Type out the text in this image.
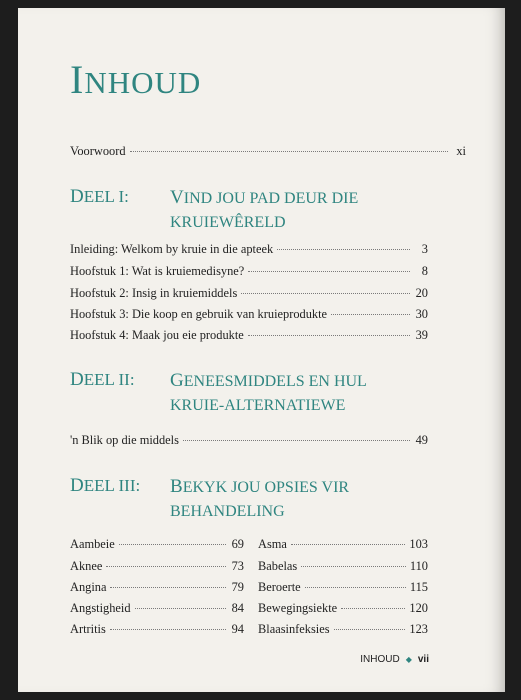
INHOUD
Voorwoord	xi
DEEL I: VIND JOU PAD DEUR DIE
KRUIEWÊRELD
Inleiding: Welkom by kruie in die apteek	3
Hoofstuk 1: Wat is kruiemedisyne?	8
Hoofstuk 2: Insig in kruiemiddels	20
Hoofstuk 3: Die koop en gebruik van kruieprodukte	30
Hoofstuk 4: Maak jou eie produkte	39
DEEL II: GENEESMIDDELS EN HUL
KRUIE-ALTERNATIEWE
'n Blik op die middels	49
DEEL III: BEKYK JOU OPSIES VIR
BEHANDELING
Aambeie	69
Aknee	73
Angina	79
Angstigheid	84
Artritis	94
Asma	103
Babelas	110
Beroerte	115
Bewegingsiekte	120
Blaasinfeksies	123
INHOUD ◆ vii
